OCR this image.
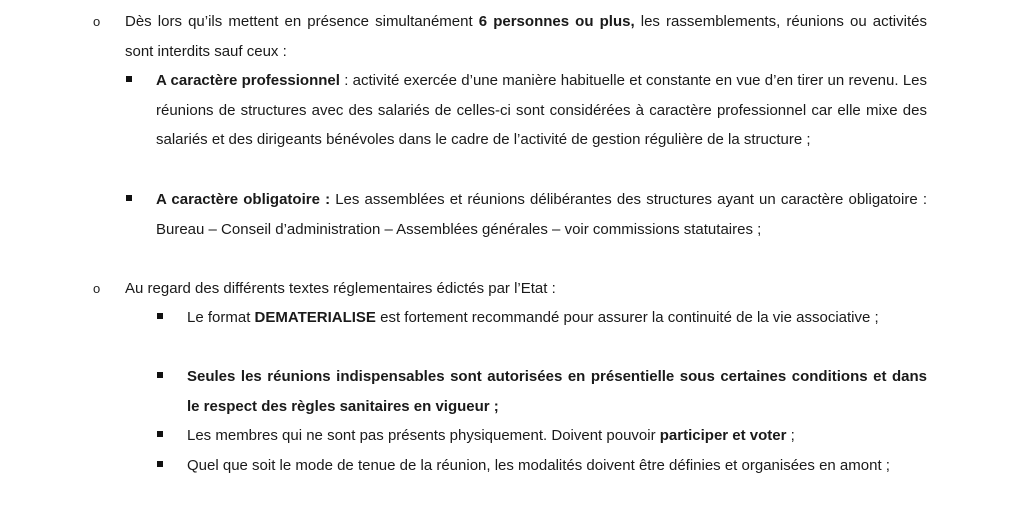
o Dès lors qu’ils mettent en présence simultanément 6 personnes ou plus, les rassemblements, réunions ou activités sont interdits sauf ceux :
A caractère professionnel : activité exercée d’une manière habituelle et constante en vue d’en tirer un revenu. Les réunions de structures avec des salariés de celles-ci sont considérées à caractère professionnel car elle mixe des salariés et des dirigeants bénévoles dans le cadre de l’activité de gestion régulière de la structure ;
A caractère obligatoire : Les assemblées et réunions délibérantes des structures ayant un caractère obligatoire : Bureau – Conseil d’administration – Assemblées générales – voir commissions statutaires ;
o Au regard des différents textes réglementaires édictés par l’Etat :
Le format DEMATERIALISE est fortement recommandé pour assurer la continuité de la vie associative ;
Seules les réunions indispensables sont autorisées en présentielle sous certaines conditions et dans le respect des règles sanitaires en vigueur ;
Les membres qui ne sont pas présents physiquement. Doivent pouvoir participer et voter ;
Quel que soit le mode de tenue de la réunion, les modalités doivent être définies et organisées en amont ;
